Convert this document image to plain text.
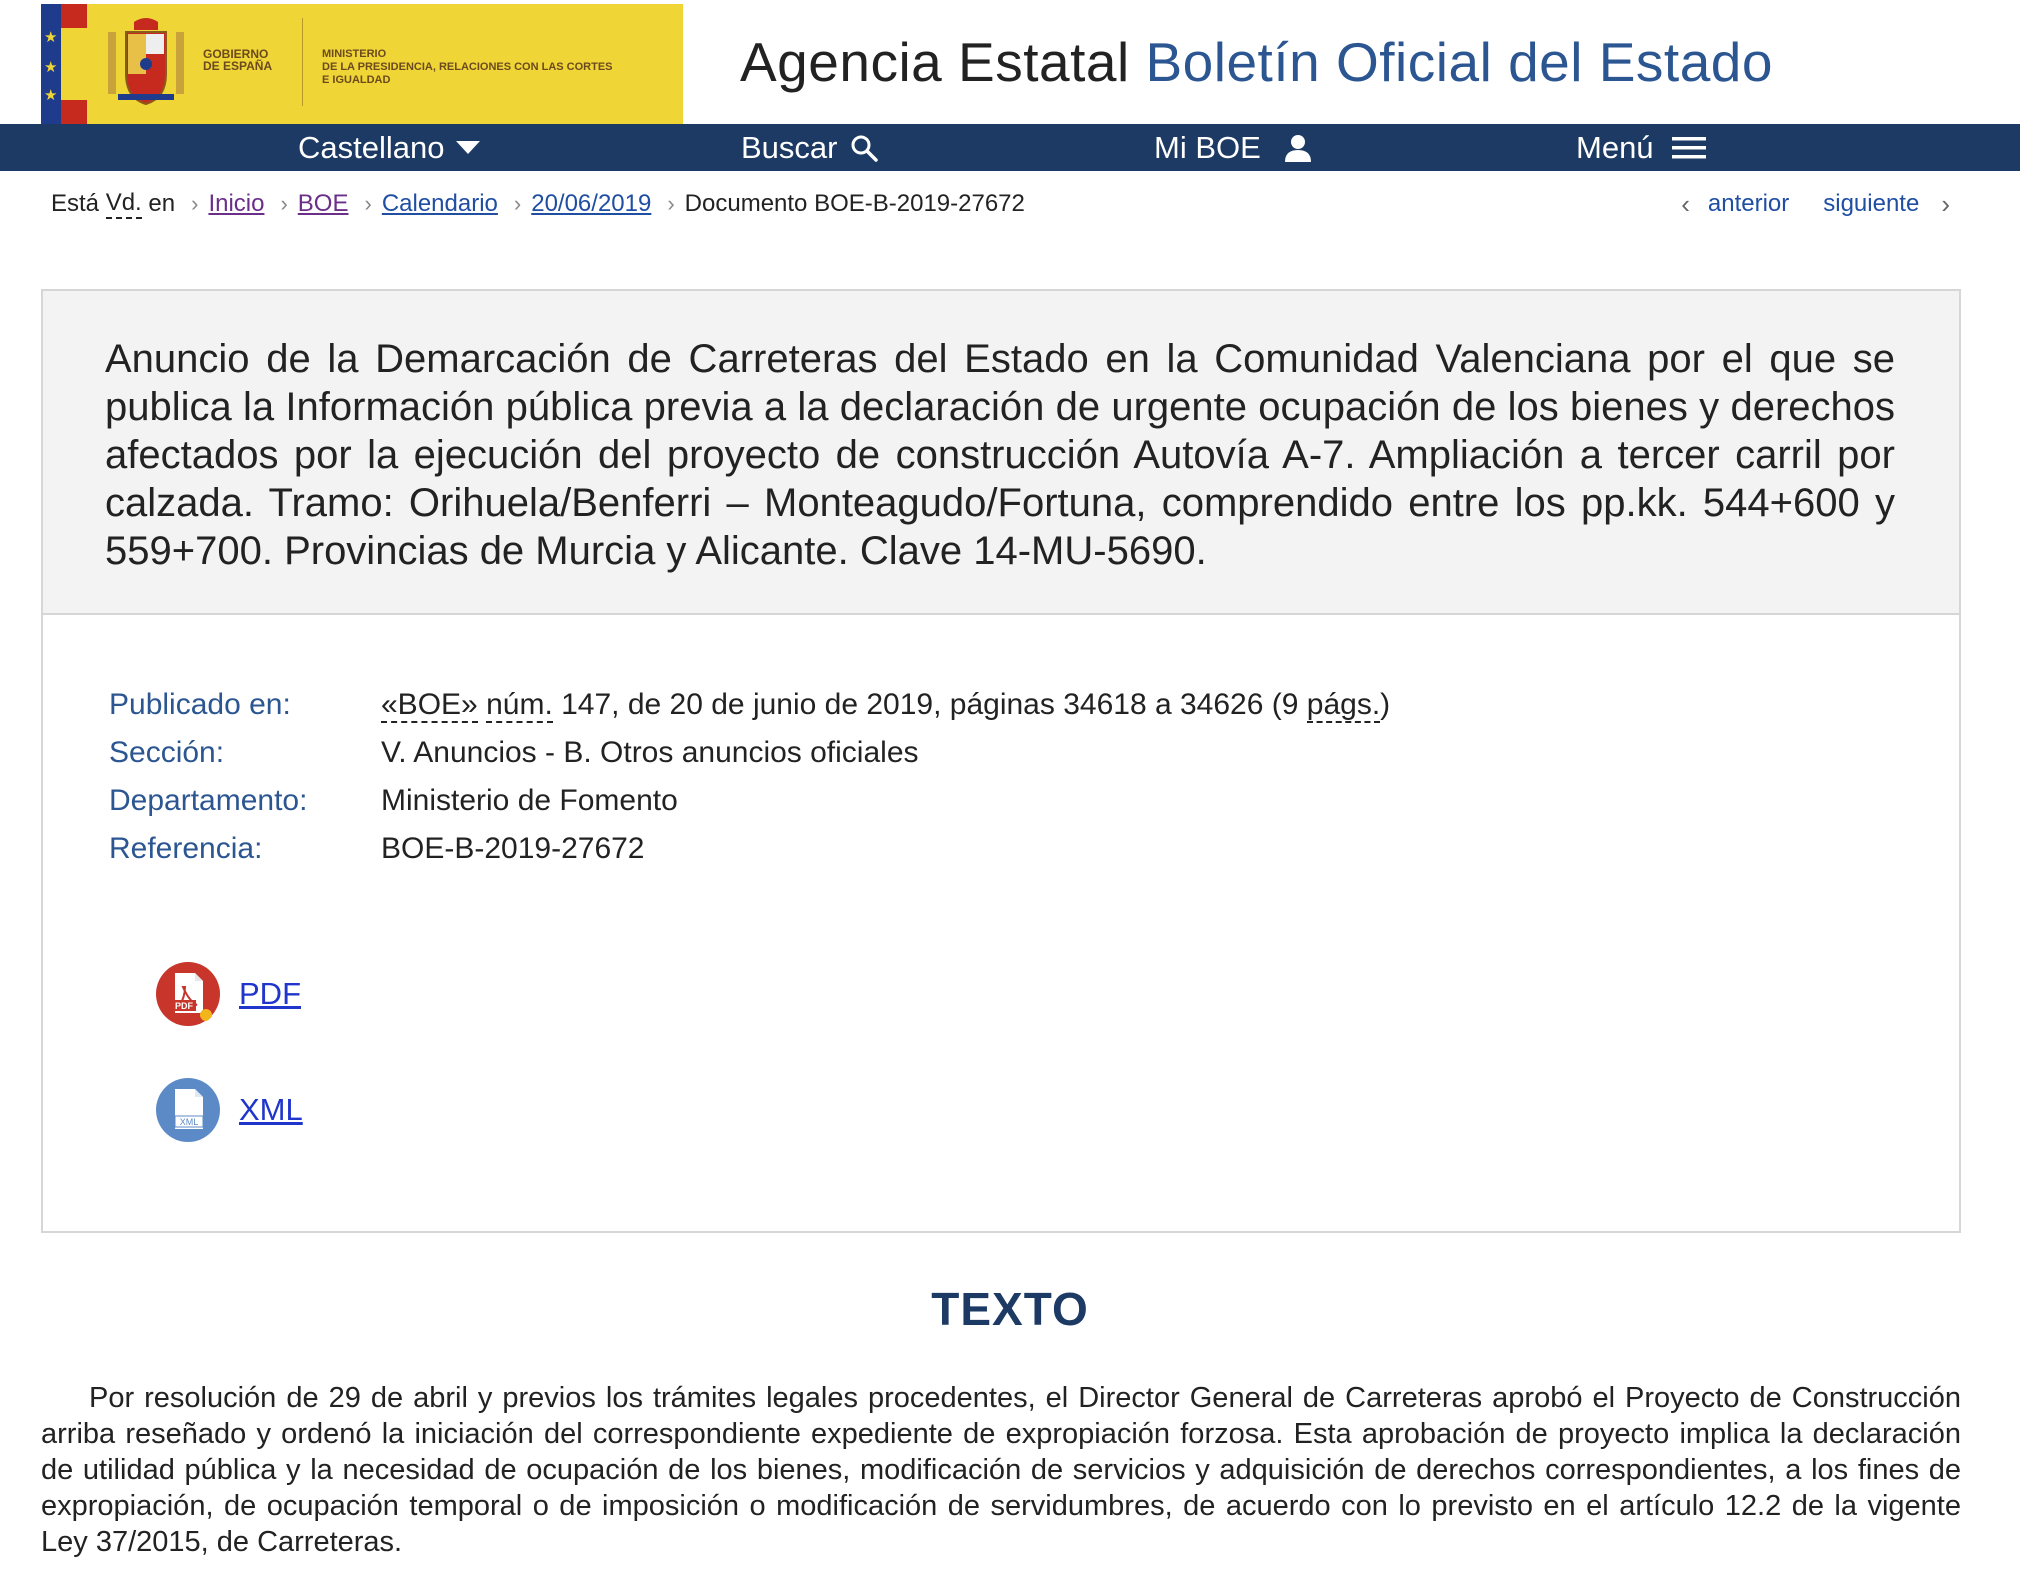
★
★
★
GOBIERNO
DE ESPAÑA
MINISTERIO
DE LA PRESIDENCIA, RELACIONES CON LAS CORTES
E IGUALDAD	Agencia Estatal Boletín Oficial del Estado
Castellano	Buscar	Mi BOE	Menú
Está Vd. en › Inicio › BOE › Calendario › 20/06/2019 › Documento BOE-B-2019-27672	‹ anterior siguiente ›
Anuncio de la Demarcación de Carreteras del Estado en la Comunidad Valenciana por el que se publica la Información pública previa a la declaración de urgente ocupación de los bienes y derechos afectados por la ejecución del proyecto de construcción Autovía A-7. Ampliación a tercer carril por calzada. Tramo: Orihuela/Benferri – Monteagudo/Fortuna, comprendido entre los pp.kk. 544+600 y 559+700. Provincias de Murcia y Alicante. Clave 14-MU-5690.
Publicado en:	«BOE» núm. 147, de 20 de junio de 2019, páginas 34618 a 34626 (9 págs.)
Sección:	V. Anuncios - B. Otros anuncios oficiales
Departamento:	Ministerio de Fomento
Referencia:	BOE-B-2019-27672
PDF PDF
XML XML
TEXTO

Por resolución de 29 de abril y previos los trámites legales procedentes, el Director General de Carreteras aprobó el Proyecto de Construcción arriba reseñado y ordenó la iniciación del correspondiente expediente de expropiación forzosa. Esta aprobación de proyecto implica la declaración de utilidad pública y la necesidad de ocupación de los bienes, modificación de servicios y adquisición de derechos correspondientes, a los fines de expropiación, de ocupación temporal o de imposición o modificación de servidumbres, de acuerdo con lo previsto en el artículo 12.2 de la vigente Ley 37/2015, de Carreteras.
